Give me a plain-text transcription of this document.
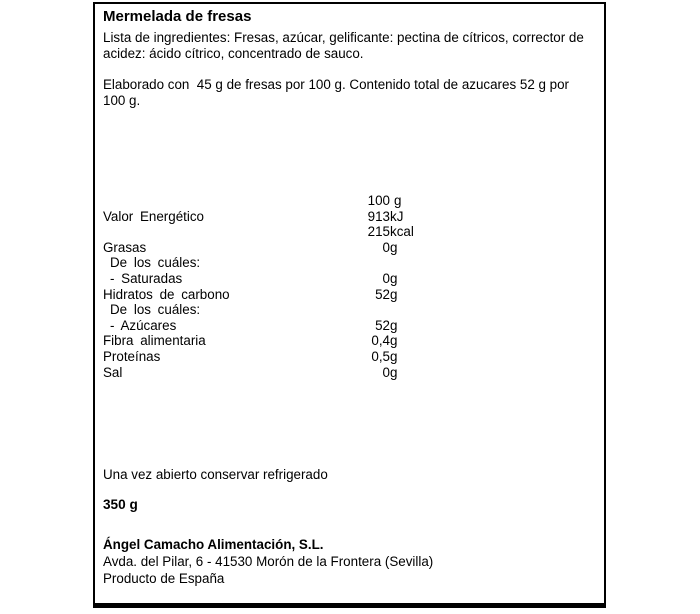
Mermelada de fresas

Lista de ingredientes: Fresas, azúcar, gelificante: pectina de cítricos, corrector de acidez: ácido cítrico, concentrado de sauco.

Elaborado con  45 g de fresas por 100 g. Contenido total de azucares 52 g por 100 g.

100 g
Valor Energético	913 kJ
215 kcal
Grasas	0 g
De los cuáles:
- Saturadas	0 g
Hidratos de carbono	52 g
De los cuáles:
- Azúcares	52 g
Fibra alimentaria	0,4 g
Proteínas	0,5 g
Sal	0 g

Una vez abierto conservar refrigerado

350 g
Ángel Camacho Alimentación, S.L.
Avda. del Pilar, 6 - 41530 Morón de la Frontera (Sevilla)
Producto de España
